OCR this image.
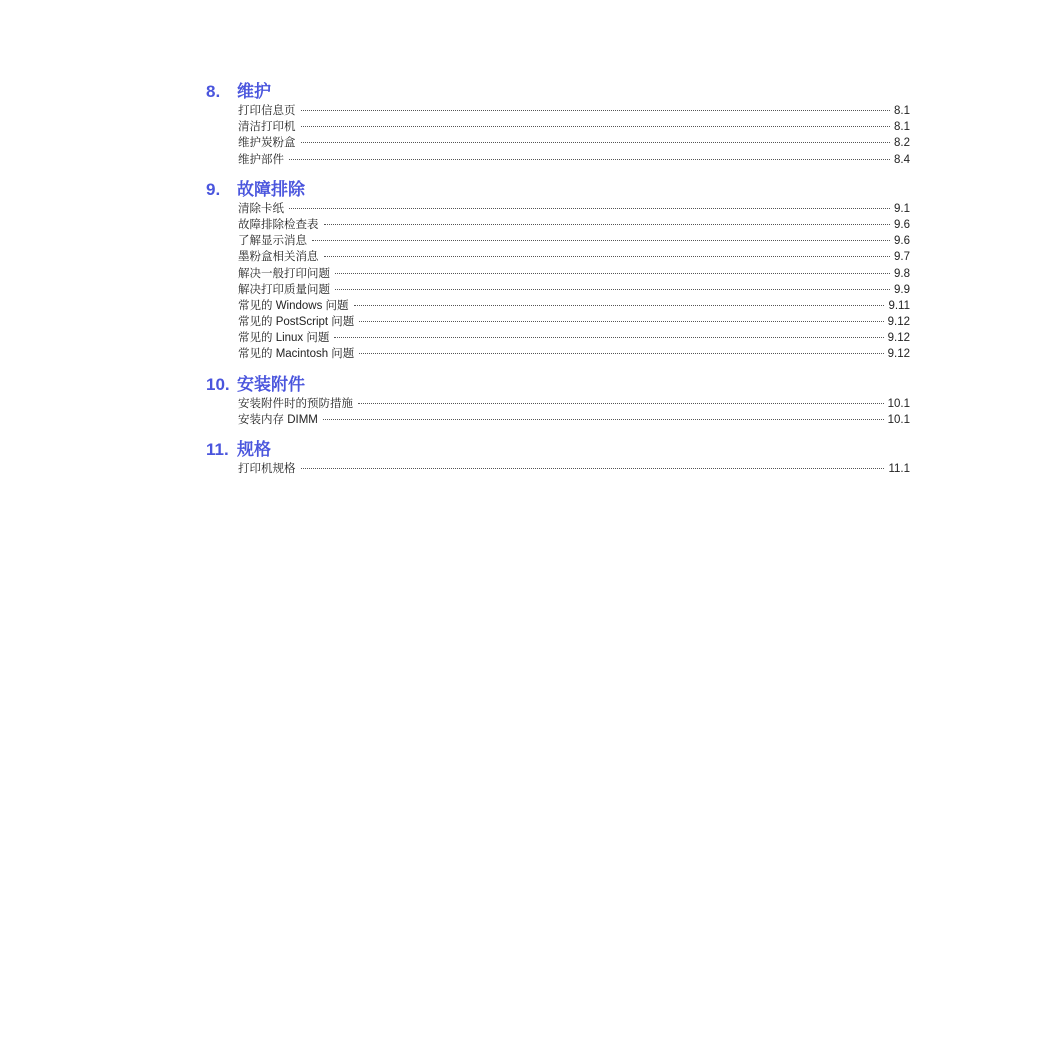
8. 维护
打印信息页	8.1
清洁打印机	8.1
维护炭粉盒	8.2
维护部件	8.4
9. 故障排除
清除卡纸	9.1
故障排除检查表	9.6
了解显示消息	9.6
墨粉盒相关消息	9.7
解决一般打印问题	9.8
解决打印质量问题	9.9
常见的 Windows 问题	9.11
常见的 PostScript 问题	9.12
常见的 Linux 问题	9.12
常见的 Macintosh 问题	9.12
10. 安装附件
安装附件时的预防措施	10.1
安装内存 DIMM	10.1
11. 规格
打印机规格	11.1
